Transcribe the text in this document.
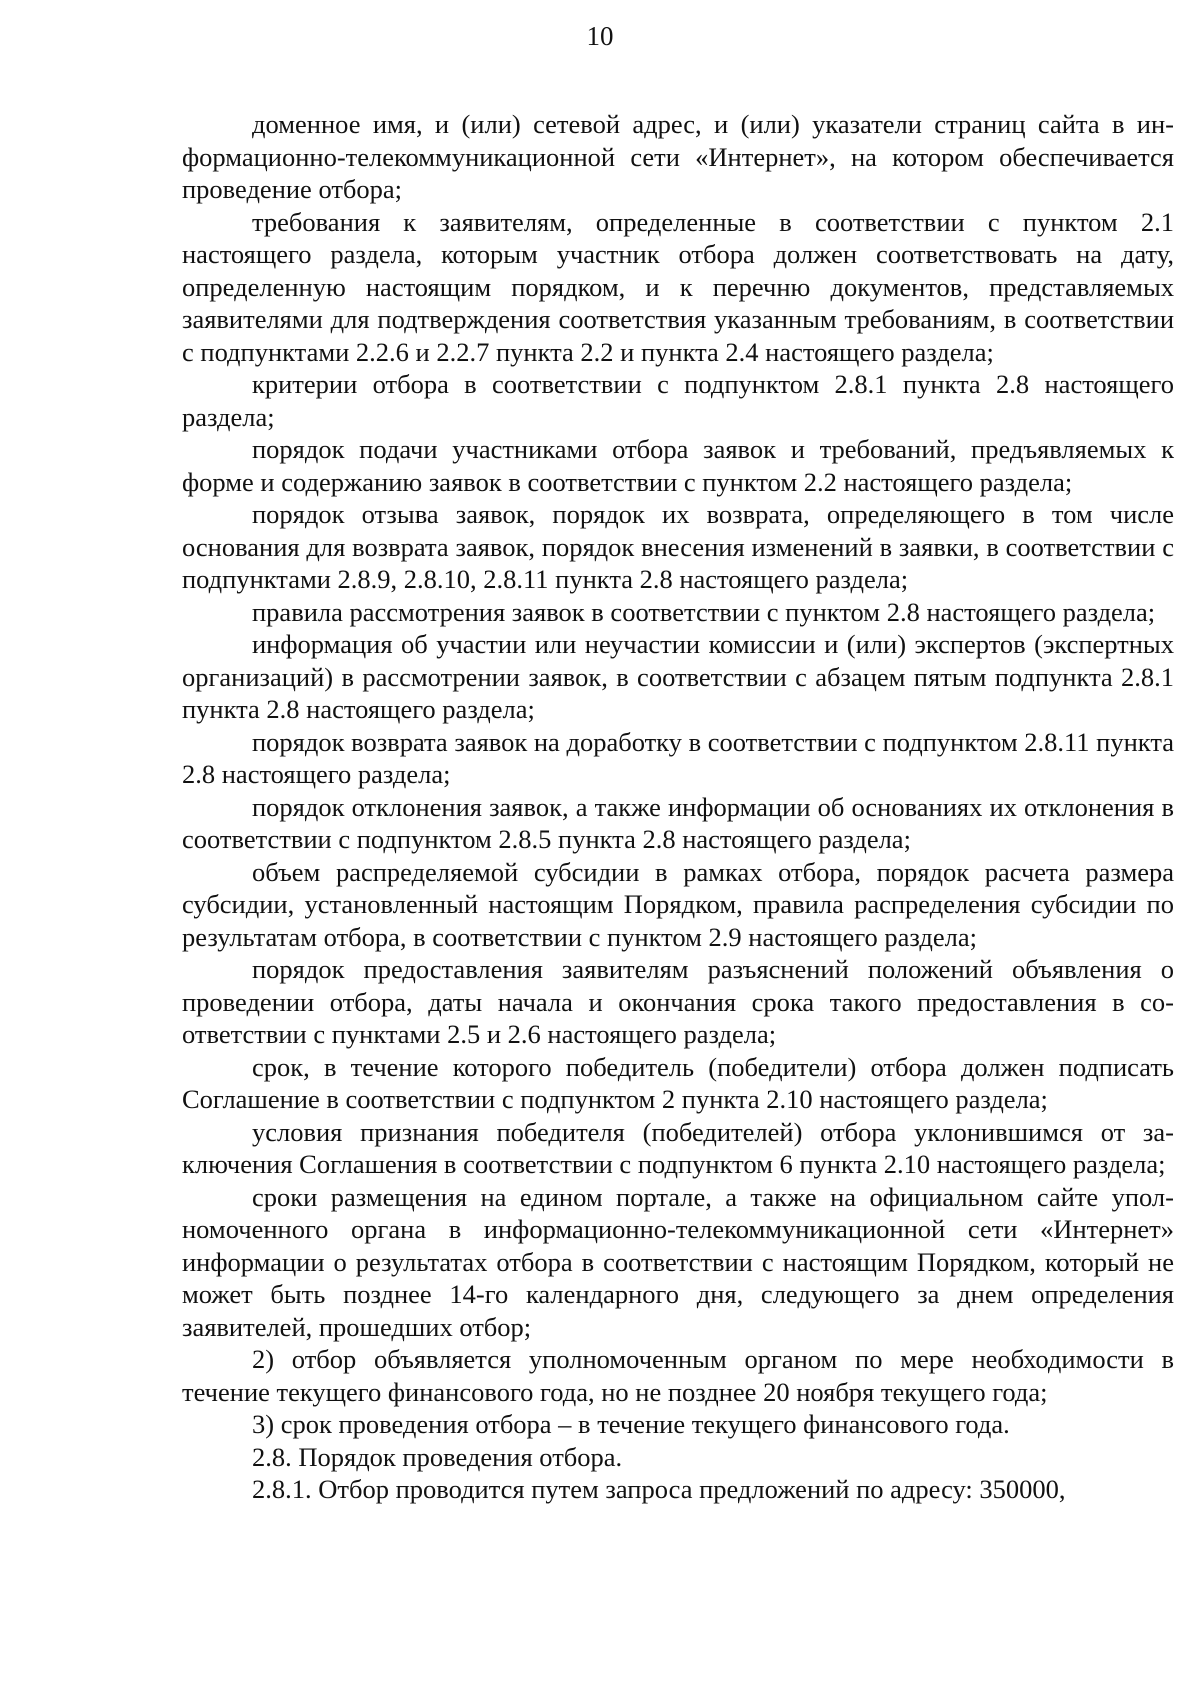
10

доменное имя, и (или) сетевой адрес, и (или) указатели страниц сайта в информационно-телекоммуникационной сети «Интернет», на котором обеспечивается проведение отбора;

требования к заявителям, определенные в соответствии с пунктом 2.1 настоящего раздела, которым участник отбора должен соответствовать на дату, определенную настоящим порядком, и к перечню документов, представляемых заявителями для подтверждения соответствия указанным требованиям, в соответствии с подпунктами 2.2.6 и 2.2.7 пункта 2.2 и пункта 2.4 настоящего раздела;

критерии отбора в соответствии с подпунктом 2.8.1 пункта 2.8 настоящего раздела;

порядок подачи участниками отбора заявок и требований, предъявляемых к форме и содержанию заявок в соответствии с пунктом 2.2 настоящего раздела;

порядок отзыва заявок, порядок их возврата, определяющего в том числе основания для возврата заявок, порядок внесения изменений в заявки, в соответствии с подпунктами 2.8.9, 2.8.10, 2.8.11 пункта 2.8 настоящего раздела;

правила рассмотрения заявок в соответствии с пунктом 2.8 настоящего раздела;

информация об участии или неучастии комиссии и (или) экспертов (экспертных организаций) в рассмотрении заявок, в соответствии с абзацем пятым подпункта 2.8.1 пункта 2.8 настоящего раздела;

порядок возврата заявок на доработку в соответствии с подпунктом 2.8.11 пункта 2.8 настоящего раздела;

порядок отклонения заявок, а также информации об основаниях их отклонения в соответствии с подпунктом 2.8.5 пункта 2.8 настоящего раздела;

объем распределяемой субсидии в рамках отбора, порядок расчета размера субсидии, установленный настоящим Порядком, правила распределения субсидии по результатам отбора, в соответствии с пунктом 2.9 настоящего раздела;

порядок предоставления заявителям разъяснений положений объявления о проведении отбора, даты начала и окончания срока такого предоставления в соответствии с пунктами 2.5 и 2.6 настоящего раздела;

срок, в течение которого победитель (победители) отбора должен подписать Соглашение в соответствии с подпунктом 2 пункта 2.10 настоящего раздела;

условия признания победителя (победителей) отбора уклонившимся от заключения Соглашения в соответствии с подпунктом 6 пункта 2.10 настоящего раздела;

сроки размещения на едином портале, а также на официальном сайте уполномоченного органа в информационно-телекоммуникационной сети «Интернет» информации о результатах отбора в соответствии с настоящим Порядком, который не может быть позднее 14-го календарного дня, следующего за днем определения заявителей, прошедших отбор;

2) отбор объявляется уполномоченным органом по мере необходимости в течение текущего финансового года, но не позднее 20 ноября текущего года;

3) срок проведения отбора – в течение текущего финансового года.

2.8. Порядок проведения отбора.

2.8.1. Отбор проводится путем запроса предложений по адресу: 350000,
